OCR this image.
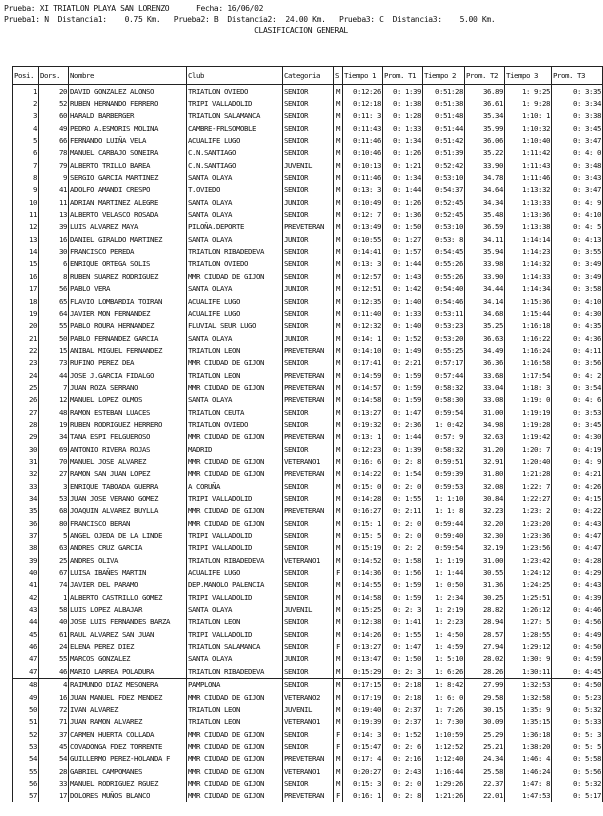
Prueba: XI TRIATLON PLAYA SAN LORENZO      Fecha: 16/06/02
Prueba1: N  Distancia1:    0.75 Km.   Prueba2: B  Distancia2:  24.00 Km.   Prueba3: C  Distancia3:    5.00 Km.
CLASIFICACION GENERAL
Posi.	Dors.	Nombre	Club	Categoria	S	Tiempo 1	Prom. T1	Tiempo 2	Prom. T2	Tiempo 3	Prom. T3
1	20	DAVID GONZALEZ ALONSO	TRIATLON OVIEDO	SENIOR	M	0:12:26	0: 1:39	0:51:28	36.89	1: 9:25	0: 3:35
2	52	RUBEN HERNANDO FERRERO	TRIPI VALLADOLID	SENIOR	M	0:12:18	0: 1:38	0:51:38	36.61	1: 9:28	0: 3:34
3	60	HARALD BARBERGER	TRIATLON SALAMANCA	SENIOR	M	0:11: 3	0: 1:28	0:51:48	35.34	1:10: 1	0: 3:38
4	49	PEDRO A.ESMORIS MOLINA	CAMBRE-FRLSOMOBLE	SENIOR	M	0:11:43	0: 1:33	0:51:44	35.99	1:10:32	0: 3:45
5	66	FERNANDO LUIÑA VELA	ACUALIFE LUGO	SENIOR	M	0:11:46	0: 1:34	0:51:42	36.06	1:10:40	0: 3:47
6	78	MANUEL CARBAJO SONEIRA	C.N.SANTIAGO	SENIOR	M	0:10:46	0: 1:26	0:51:39	35.22	1:11:42	0: 4: 0
7	79	ALBERTO TRILLO BAREA	C.N.SANTIAGO	JUVENIL	M	0:10:13	0: 1:21	0:52:42	33.90	1:11:43	0: 3:48
8	9	SERGIO GARCIA MARTINEZ	SANTA OLAYA	SENIOR	M	0:11:46	0: 1:34	0:53:10	34.78	1:11:46	0: 3:43
9	41	ADOLFO AMANDI CRESPO	T.OVIEDO	SENIOR	M	0:13: 3	0: 1:44	0:54:37	34.64	1:13:32	0: 3:47
10	11	ADRIAN MARTINEZ ALEGRE	SANTA OLAYA	JUNIOR	M	0:10:49	0: 1:26	0:52:45	34.34	1:13:33	0: 4: 9
11	13	ALBERTO VELASCO ROSADA	SANTA OLAYA	SENIOR	M	0:12: 7	0: 1:36	0:52:45	35.48	1:13:36	0: 4:10
12	39	LUIS ALVAREZ MAYA	PILOÑA.DEPORTE	PREVETERAN	M	0:13:49	0: 1:50	0:53:10	36.59	1:13:38	0: 4: 5
13	16	DANIEL GIRALDO MARTINEZ	SANTA OLAYA	JUNIOR	M	0:10:55	0: 1:27	0:53: 8	34.11	1:14:14	0: 4:13
14	30	FRANCISCO PEREDA	TRIATLON RIBADEDEVA	SENIOR	M	0:14:41	0: 1:57	0:54:45	35.94	1:14:23	0: 3:55
15	6	ENRIQUE ORTEGA SOLIS	TRIATLON OVIEDO	SENIOR	M	0:13: 3	0: 1:44	0:55:26	33.98	1:14:32	0: 3:49
16	8	RUBEN SUAREZ RODRIGUEZ	MMR CIUDAD DE GIJON	SENIOR	M	0:12:57	0: 1:43	0:55:26	33.90	1:14:33	0: 3:49
17	56	PABLO VERA	SANTA OLAYA	JUNIOR	M	0:12:51	0: 1:42	0:54:40	34.44	1:14:34	0: 3:58
18	65	FLAVIO LOMBARDIA TOIRAN	ACUALIFE LUGO	SENIOR	M	0:12:35	0: 1:40	0:54:46	34.14	1:15:36	0: 4:10
19	64	JAVIER MON FERNANDEZ	ACUALIFE LUGO	SENIOR	M	0:11:40	0: 1:33	0:53:11	34.68	1:15:44	0: 4:30
20	55	PABLO ROURA HERNANDEZ	FLUVIAL SEUR LUGO	SENIOR	M	0:12:32	0: 1:40	0:53:23	35.25	1:16:18	0: 4:35
21	50	PABLO FERNANDEZ GARCIA	SANTA OLAYA	JUNIOR	M	0:14: 1	0: 1:52	0:53:20	36.63	1:16:22	0: 4:36
22	15	ANIBAL MIGUEL FERNANDEZ	TRIATLON LEON	PREVETERAN	M	0:14:10	0: 1:49	0:55:25	34.49	1:16:24	0: 4:11
23	73	RUFINO PEREZ DEA	MMR CIUDAD DE GIJON	SENIOR	M	0:17:41	0: 2:21	0:57:17	36.36	1:16:58	0: 3:56
24	44	JOSE J.GARCIA FIDALGO	TRIATLON LEON	PREVETERAN	M	0:14:59	0: 1:59	0:57:44	33.68	1:17:54	0: 4: 2
25	7	JUAN ROZA SERRANO	MMR CIUDAD DE GIJON	PREVETERAN	M	0:14:57	0: 1:59	0:58:32	33.04	1:18: 3	0: 3:54
26	12	MANUEL LOPEZ OLMOS	SANTA OLAYA	PREVETERAN	M	0:14:58	0: 1:59	0:58:30	33.08	1:19: 0	0: 4: 6
27	48	RAMON ESTEBAN LUACES	TRIATLON CEUTA	SENIOR	M	0:13:27	0: 1:47	0:59:54	31.00	1:19:19	0: 3:53
28	19	RUBEN RODRIGUEZ HERRERO	TRIATLON OVIEDO	SENIOR	M	0:19:32	0: 2:36	1: 0:42	34.98	1:19:28	0: 3:45
29	34	TANA ESPI FELGUEROSO	MMR CIUDAD DE GIJON	PREVETERAN	M	0:13: 1	0: 1:44	0:57: 9	32.63	1:19:42	0: 4:30
30	69	ANTONIO RIVERA ROJAS	MADRID	SENIOR	M	0:12:23	0: 1:39	0:58:32	31.20	1:20: 7	0: 4:19
31	70	MANUEL JOSE ALVAREZ	MMR CIUDAD DE GIJON	VETERANO1	M	0:16: 6	0: 2: 8	0:59:51	32.91	1:20:40	0: 4: 9
32	27	RAMON SAN JUAN LOPEZ	MMR CIUDAD DE GIJON	PREVETERAN	M	0:14:22	0: 1:54	0:59:39	31.80	1:21:28	0: 4:21
33	3	ENRIQUE TABOADA GUERRA	A CORUÑA	SENIOR	M	0:15: 0	0: 2: 0	0:59:53	32.08	1:22: 7	0: 4:26
34	53	JUAN JOSE VERANO GOMEZ	TRIPI VALLADOLID	SENIOR	M	0:14:28	0: 1:55	1: 1:10	30.84	1:22:27	0: 4:15
35	68	JOAQUIN ALVAREZ BUYLLA	MMR CIUDAD DE GIJON	PREVETERAN	M	0:16:27	0: 2:11	1: 1: 8	32.23	1:23: 2	0: 4:22
36	80	FRANCISCO BERAN	MMR CIUDAD DE GIJON	SENIOR	M	0:15: 1	0: 2: 0	0:59:44	32.20	1:23:20	0: 4:43
37	5	ANGEL OJEDA DE LA LINDE	TRIPI VALLADOLID	SENIOR	M	0:15: 5	0: 2: 0	0:59:40	32.30	1:23:36	0: 4:47
38	63	ANDRES CRUZ GARCIA	TRIPI VALLADOLID	SENIOR	M	0:15:19	0: 2: 2	0:59:54	32.19	1:23:56	0: 4:47
39	25	ANDRES OLIVA	TRIATLON RIBADEDEVA	VETERANO1	M	0:14:52	0: 1:58	1: 1:19	31.00	1:23:42	0: 4:28
40	67	LUISA IBAÑES MARTIN	ACUALIFE LUGO	SENIOR	F	0:14:36	0: 1:56	1: 1:44	30.55	1:24:12	0: 4:29
41	74	JAVIER DEL PARAMO	DEP.MANOLO PALENCIA	SENIOR	M	0:14:55	0: 1:59	1: 0:50	31.36	1:24:25	0: 4:43
42	1	ALBERTO CASTRILLO GOMEZ	TRIPI VALLADOLID	SENIOR	M	0:14:58	0: 1:59	1: 2:34	30.25	1:25:51	0: 4:39
43	58	LUIS LOPEZ ALBAJAR	SANTA OLAYA	JUVENIL	M	0:15:25	0: 2: 3	1: 2:19	28.82	1:26:12	0: 4:46
44	40	JOSE LUIS FERNANDES BARZA	TRIATLON LEON	SENIOR	M	0:12:38	0: 1:41	1: 2:23	28.94	1:27: 5	0: 4:56
45	61	RAUL ALVAREZ SAN JUAN	TRIPI VALLADOLID	SENIOR	M	0:14:26	0: 1:55	1: 4:50	28.57	1:28:55	0: 4:49
46	24	ELENA PEREZ DIEZ	TRIATLON SALAMANCA	SENIOR	F	0:13:27	0: 1:47	1: 4:59	27.94	1:29:12	0: 4:50
47	55	MARCOS GONZALEZ	SANTA OLAYA	JUNIOR	M	0:13:47	0: 1:50	1: 5:10	28.02	1:30: 9	0: 4:59
47	46	MARIO LARREA POLADURA	TRIATLON RIBADEDEVA	SENIOR	M	0:15:29	0: 2: 3	1: 6:26	28.26	1:30:11	0: 4:45
48	4	RAIMUNDO DIAZ MESONERA	PAMPLONA	SENIOR	M	0:17:15	0: 2:18	1: 8:42	27.99	1:32:53	0: 4:50
49	16	JUAN MANUEL FDEZ MENDEZ	MMR CIUDAD DE GIJON	VETERANO2	M	0:17:19	0: 2:18	1: 6: 0	29.58	1:32:58	0: 5:23
50	72	IVAN ALVAREZ	TRIATLON LEON	JUVENIL	M	0:19:40	0: 2:37	1: 7:26	30.15	1:35: 9	0: 5:32
51	71	JUAN RAMON ALVAREZ	TRIATLON LEON	VETERANO1	M	0:19:39	0: 2:37	1: 7:30	30.09	1:35:15	0: 5:33
52	37	CARMEN HUERTA COLLADA	MMR CIUDAD DE GIJON	SENIOR	F	0:14: 3	0: 1:52	1:10:59	25.29	1:36:18	0: 5: 3
53	45	COVADONGA FDEZ TORRENTE	MMR CIUDAD DE GIJON	SENIOR	F	0:15:47	0: 2: 6	1:12:52	25.21	1:38:20	0: 5: 5
54	54	GUILLERMO PEREZ-HOLANDA F	MMR CIUDAD DE GIJON	PREVETERAN	M	0:17: 4	0: 2:16	1:12:40	24.34	1:46: 4	0: 5:58
55	28	GABRIEL CAMPOMANES	MMR CIUDAD DE GIJON	VETERANO1	M	0:20:27	0: 2:43	1:16:44	25.58	1:46:24	0: 5:56
56	33	MANUEL RODRIGUEZ RGUEZ	MMR CIUDAD DE GIJON	SENIOR	M	0:15: 3	0: 2: 0	1:29:26	22.37	1:47: 8	0: 5:32
57	17	DOLORES MUÑOS BLANCO	MMR CIUDAD DE GIJON	PREVETERAN	F	0:16: 1	0: 2: 8	1:21:26	22.01	1:47:53	0: 5:17
